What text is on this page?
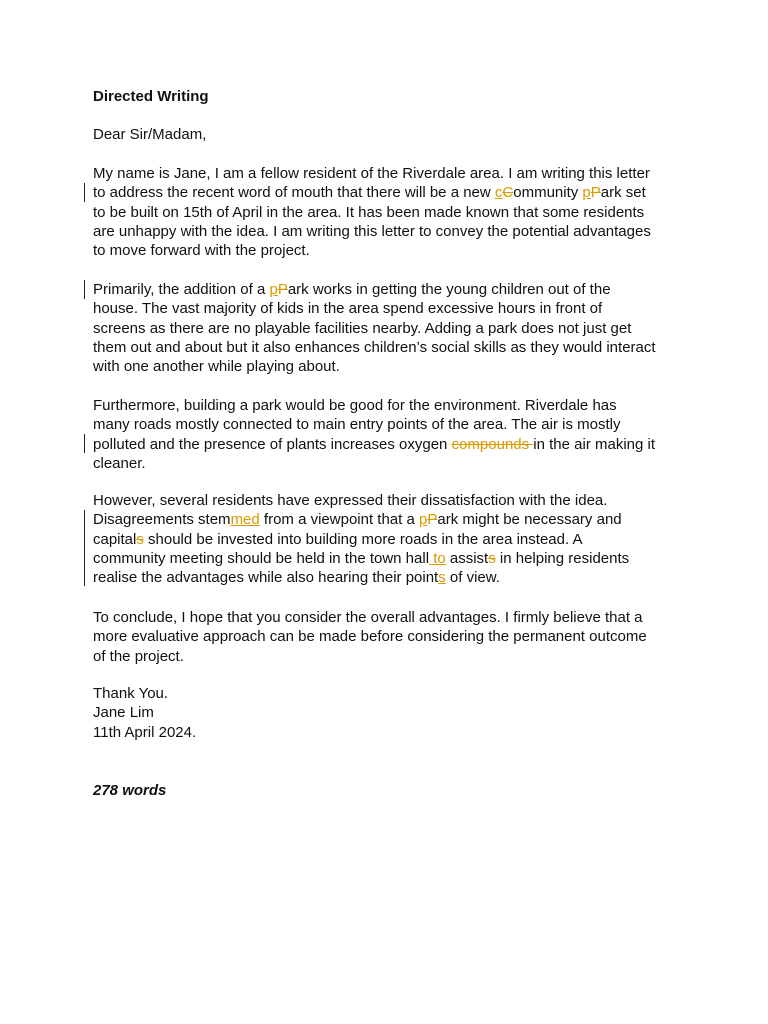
Directed Writing
Dear Sir/Madam,
My name is Jane, I am a fellow resident of the Riverdale area. I am writing this letter
to address the recent word of mouth that there will be a new cCommunity pPark set
to be built on 15th of April in the area. It has been made known that some residents
are unhappy with the idea. I am writing this letter to convey the potential advantages
to move forward with the project.
Primarily, the addition of a pPark works in getting the young children out of the
house. The vast majority of kids in the area spend excessive hours in front of
screens as there are no playable facilities nearby. Adding a park does not just get
them out and about but it also enhances children’s social skills as they would interact
with one another while playing about.
Furthermore, building a park would be good for the environment. Riverdale has
many roads mostly connected to main entry points of the area. The air is mostly
polluted and the presence of plants increases oxygen compounds in the air making it
cleaner.
However, several residents have expressed their dissatisfaction with the idea.
Disagreements stemmed from a viewpoint that a pPark might be necessary and
capitals should be invested into building more roads in the area instead. A
community meeting should be held in the town hall to assists in helping residents
realise the advantages while also hearing their points of view.
To conclude, I hope that you consider the overall advantages. I firmly believe that a
more evaluative approach can be made before considering the permanent outcome
of the project.
Thank You.
Jane Lim
11th April 2024.
278 words
